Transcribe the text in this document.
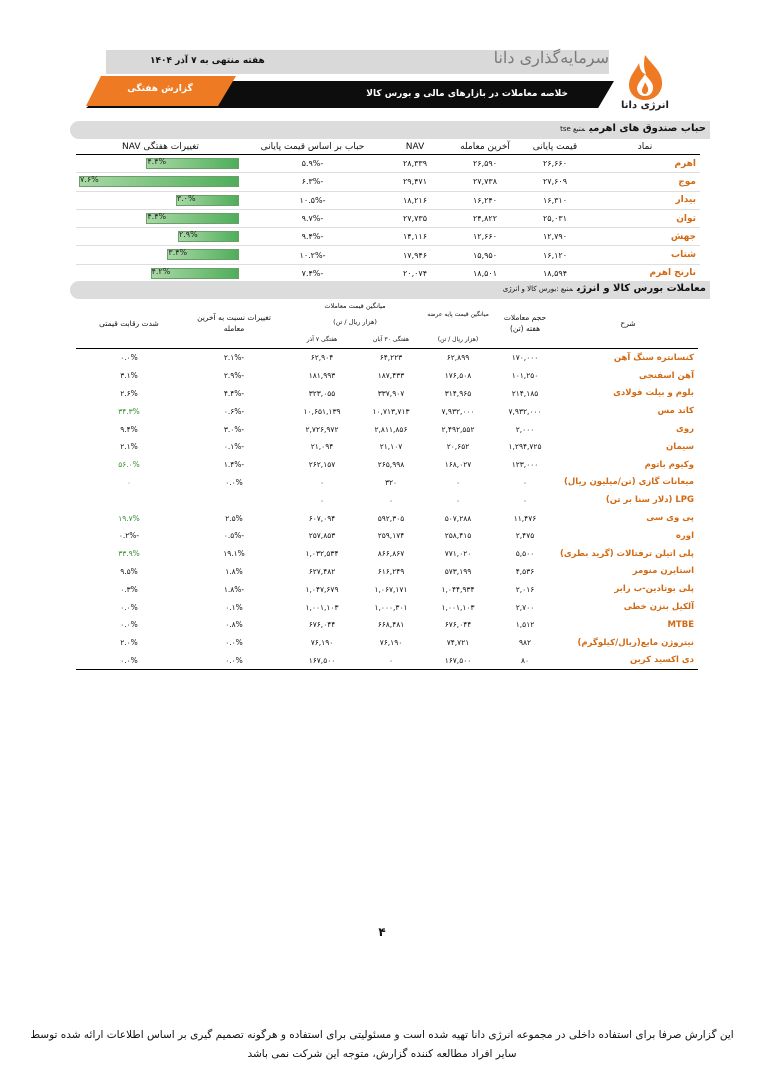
سرمایه‌گذاری دانا
هفته منتهی به ۷ آذر ۱۴۰۴
گزارش هفتگی	خلاصه معاملات در بازارهای مالی و بورس کالا
انرژی دانا
حباب صندوق های اهرمیمنبع tse
نماد	قیمت پایانی	آخرین معامله	NAV	حباب بر اساس قیمت پایانی	تغییرات هفتگی NAV
اهرم	۲۶,۶۶۰	۲۶,۵۹۰	۲۸,۳۳۹	-۵.۹%	۴.۴%

موج	۲۷,۶۰۹	۲۷,۷۳۸	۲۹,۴۷۱	-۶.۳%	۷.۶%

بیدار	۱۶,۳۱۰	۱۶,۲۴۰	۱۸,۲۱۶	-۱۰.۵%	۳.۰%

توان	۲۵,۰۳۱	۲۴,۸۲۲	۲۷,۷۳۵	-۹.۷%	۴.۴%

جهش	۱۲,۷۹۰	۱۲,۶۶۰	۱۴,۱۱۶	-۹.۴%	۲.۹%

شتاب	۱۶,۱۲۰	۱۵,۹۵۰	۱۷,۹۴۶	-۱۰.۲%	۳.۴%

نارنج اهرم	۱۸,۵۹۴	۱۸,۵۰۱	۲۰,۰۷۴	-۷.۴%	۴.۲%
معاملات بورس کالا و انرژیمنبع :بورس کالا و انرژی
شرح	حجم معاملات هفته (تن)	میانگین قیمت پایه عرضه	میانگین قیمت معاملات		تغییرات نسبت به آخرین معامله	شدت رقابت قیمتی
			(هزار ریال / تن)			
		(هزار ریال / تن)	هفتگی ۳۰ آبان	هفتگی ۷ آذر		
کنسانتره سنگ آهن	۱۷۰,۰۰۰	۶۲,۸۹۹	۶۴,۲۲۳	۶۲,۹۰۴	-۲.۱%	۰.۰%
آهن اسفنجی	۱۰۱,۲۵۰	۱۷۶,۵۰۸	۱۸۷,۴۳۳	۱۸۱,۹۹۳	-۲.۹%	۳.۱%
بلوم و بیلت فولادی	۲۱۴,۱۸۵	۳۱۴,۹۶۵	۳۳۷,۹۰۷	۳۲۳,۰۵۵	-۴.۴%	۲.۶%
کاتد مس	۷,۹۳۲,۰۰۰	۷,۹۳۲,۰۰۰	۱۰,۷۱۳,۷۱۳	۱۰,۶۵۱,۱۳۹	-۰.۶%	۳۴.۳%
روی	۲,۰۰۰	۲,۴۹۲,۵۵۲	۲,۸۱۱,۸۵۶	۲,۷۲۶,۹۷۲	-۳.۰%	۹.۴%
سیمان	۱,۲۹۴,۷۲۵	۲۰,۶۵۲	۲۱,۱۰۷	۲۱,۰۹۴	-۰.۱%	۲.۱%
وکیوم باتوم	۱۲۳,۰۰۰	۱۶۸,۰۲۷	۲۶۵,۹۹۸	۲۶۲,۱۵۷	-۱.۴%	۵۶.۰%
میعانات گازی (تن/میلیون ریال)	۰	۰	۳۲۰	۰	۰.۰%	۰
LPG (دلار سنا بر تن)	۰	۰	۰	۰		
پی وی سی	۱۱,۴۷۶	۵۰۷,۲۸۸	۵۹۲,۳۰۵	۶۰۷,۰۹۴	۲.۵%	۱۹.۷%
اوره	۲,۴۷۵	۲۵۸,۴۱۵	۲۵۹,۱۷۴	۲۵۷,۸۵۳	-۰.۵%	-۰.۲%
پلی اتیلن ترفتالات (گرید بطری)	۵,۵۰۰	۷۷۱,۰۲۰	۸۶۶,۸۶۷	۱,۰۳۲,۵۳۴	۱۹.۱%	۳۳.۹%
استایرن منومر	۴,۵۳۶	۵۷۳,۱۹۹	۶۱۶,۲۴۹	۶۲۷,۴۸۲	۱.۸%	۹.۵%
پلی بوتادین-ب رابر	۲,۰۱۶	۱,۰۴۴,۹۳۴	۱,۰۶۷,۱۷۱	۱,۰۴۷,۶۷۹	-۱.۸%	۰.۳%
آلکیل بنزن خطی	۲,۷۰۰	۱,۰۰۱,۱۰۳	۱,۰۰۰,۳۰۱	۱,۰۰۱,۱۰۳	۰.۱%	۰.۰%
MTBE	۱,۵۱۲	۶۷۶,۰۴۴	۶۶۸,۴۸۱	۶۷۶,۰۴۴	۰.۸%	۰.۰%
نیتروژن مایع(ریال/کیلوگرم)	۹۸۲	۷۴,۷۲۱	۷۶,۱۹۰	۷۶,۱۹۰	۰.۰%	۲.۰%
دی اکسید کربن	۸۰	۱۶۷,۵۰۰	۰	۱۶۷,۵۰۰	۰.۰%	۰.۰%
۴
این گزارش صرفا برای استفاده داخلی در مجموعه انرژی دانا تهیه شده است و مسئولیتی برای استفاده و هرگونه تصمیم گیری بر اساس اطلاعات ارائه شده توسط
سایر افراد مطالعه کننده گزارش، متوجه این شرکت نمی باشد
